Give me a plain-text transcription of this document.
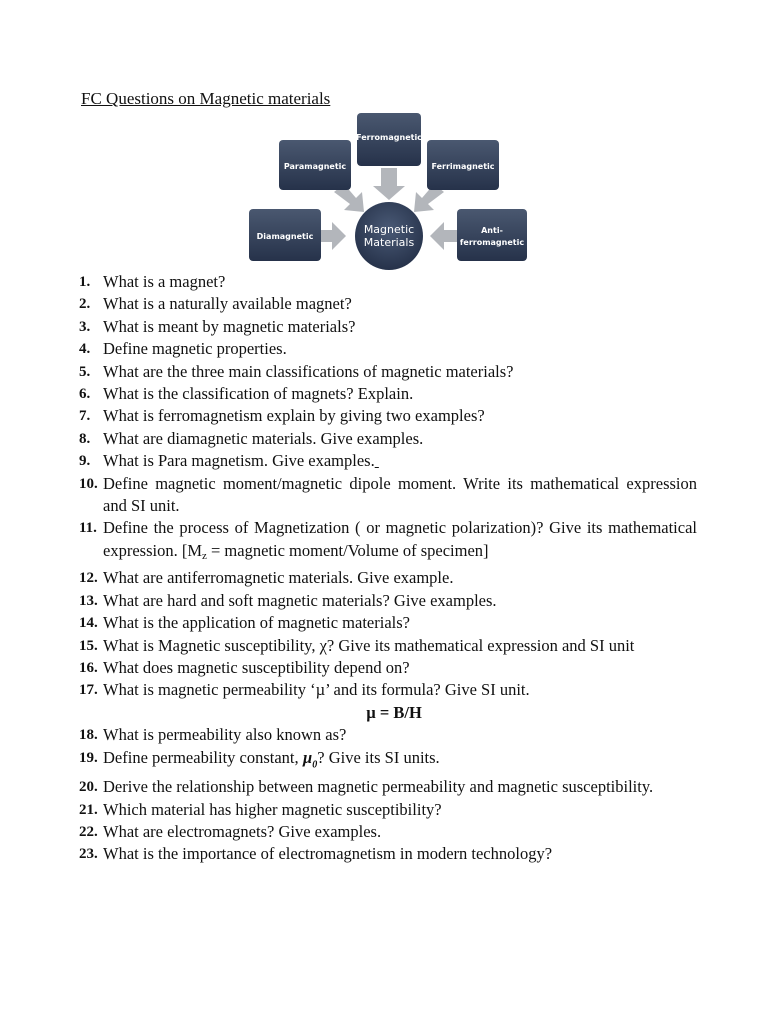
FC Questions on Magnetic materials
Ferromagnetic
Paramagnetic	Ferrimagnetic
Diamagnetic
Anti-
ferromagnetic
Magnetic
Materials
1. What is a magnet?
2. What is a naturally available magnet?
3. What is meant by magnetic materials?
4. Define magnetic properties.
5. What are the three main classifications of magnetic materials?
6. What is the classification of magnets? Explain.
7. What is ferromagnetism explain by giving two examples?
8. What are diamagnetic materials. Give examples.
9. What is Para magnetism. Give examples.
10. Define magnetic moment/magnetic dipole moment. Write its mathematical expression and SI unit.
11. Define the process of Magnetization ( or magnetic polarization)? Give its mathematical expression. [$M_z$ = magnetic moment/Volume of specimen]
12. What are antiferromagnetic materials. Give example.
13. What are hard and soft magnetic materials? Give examples.
14. What is the application of magnetic materials?
15. What is Magnetic susceptibility, χ? Give its mathematical expression and SI unit
16. What does magnetic susceptibility depend on?
17. What is magnetic permeability ‘µ’ and its formula? Give SI unit.
µ = B/H
18. What is permeability also known as?
19. Define permeability constant, µ$_0$? Give its SI units.
20. Derive the relationship between magnetic permeability and magnetic susceptibility.
21. Which material has higher magnetic susceptibility?
22. What are electromagnets? Give examples.
23. What is the importance of electromagnetism in modern technology?
